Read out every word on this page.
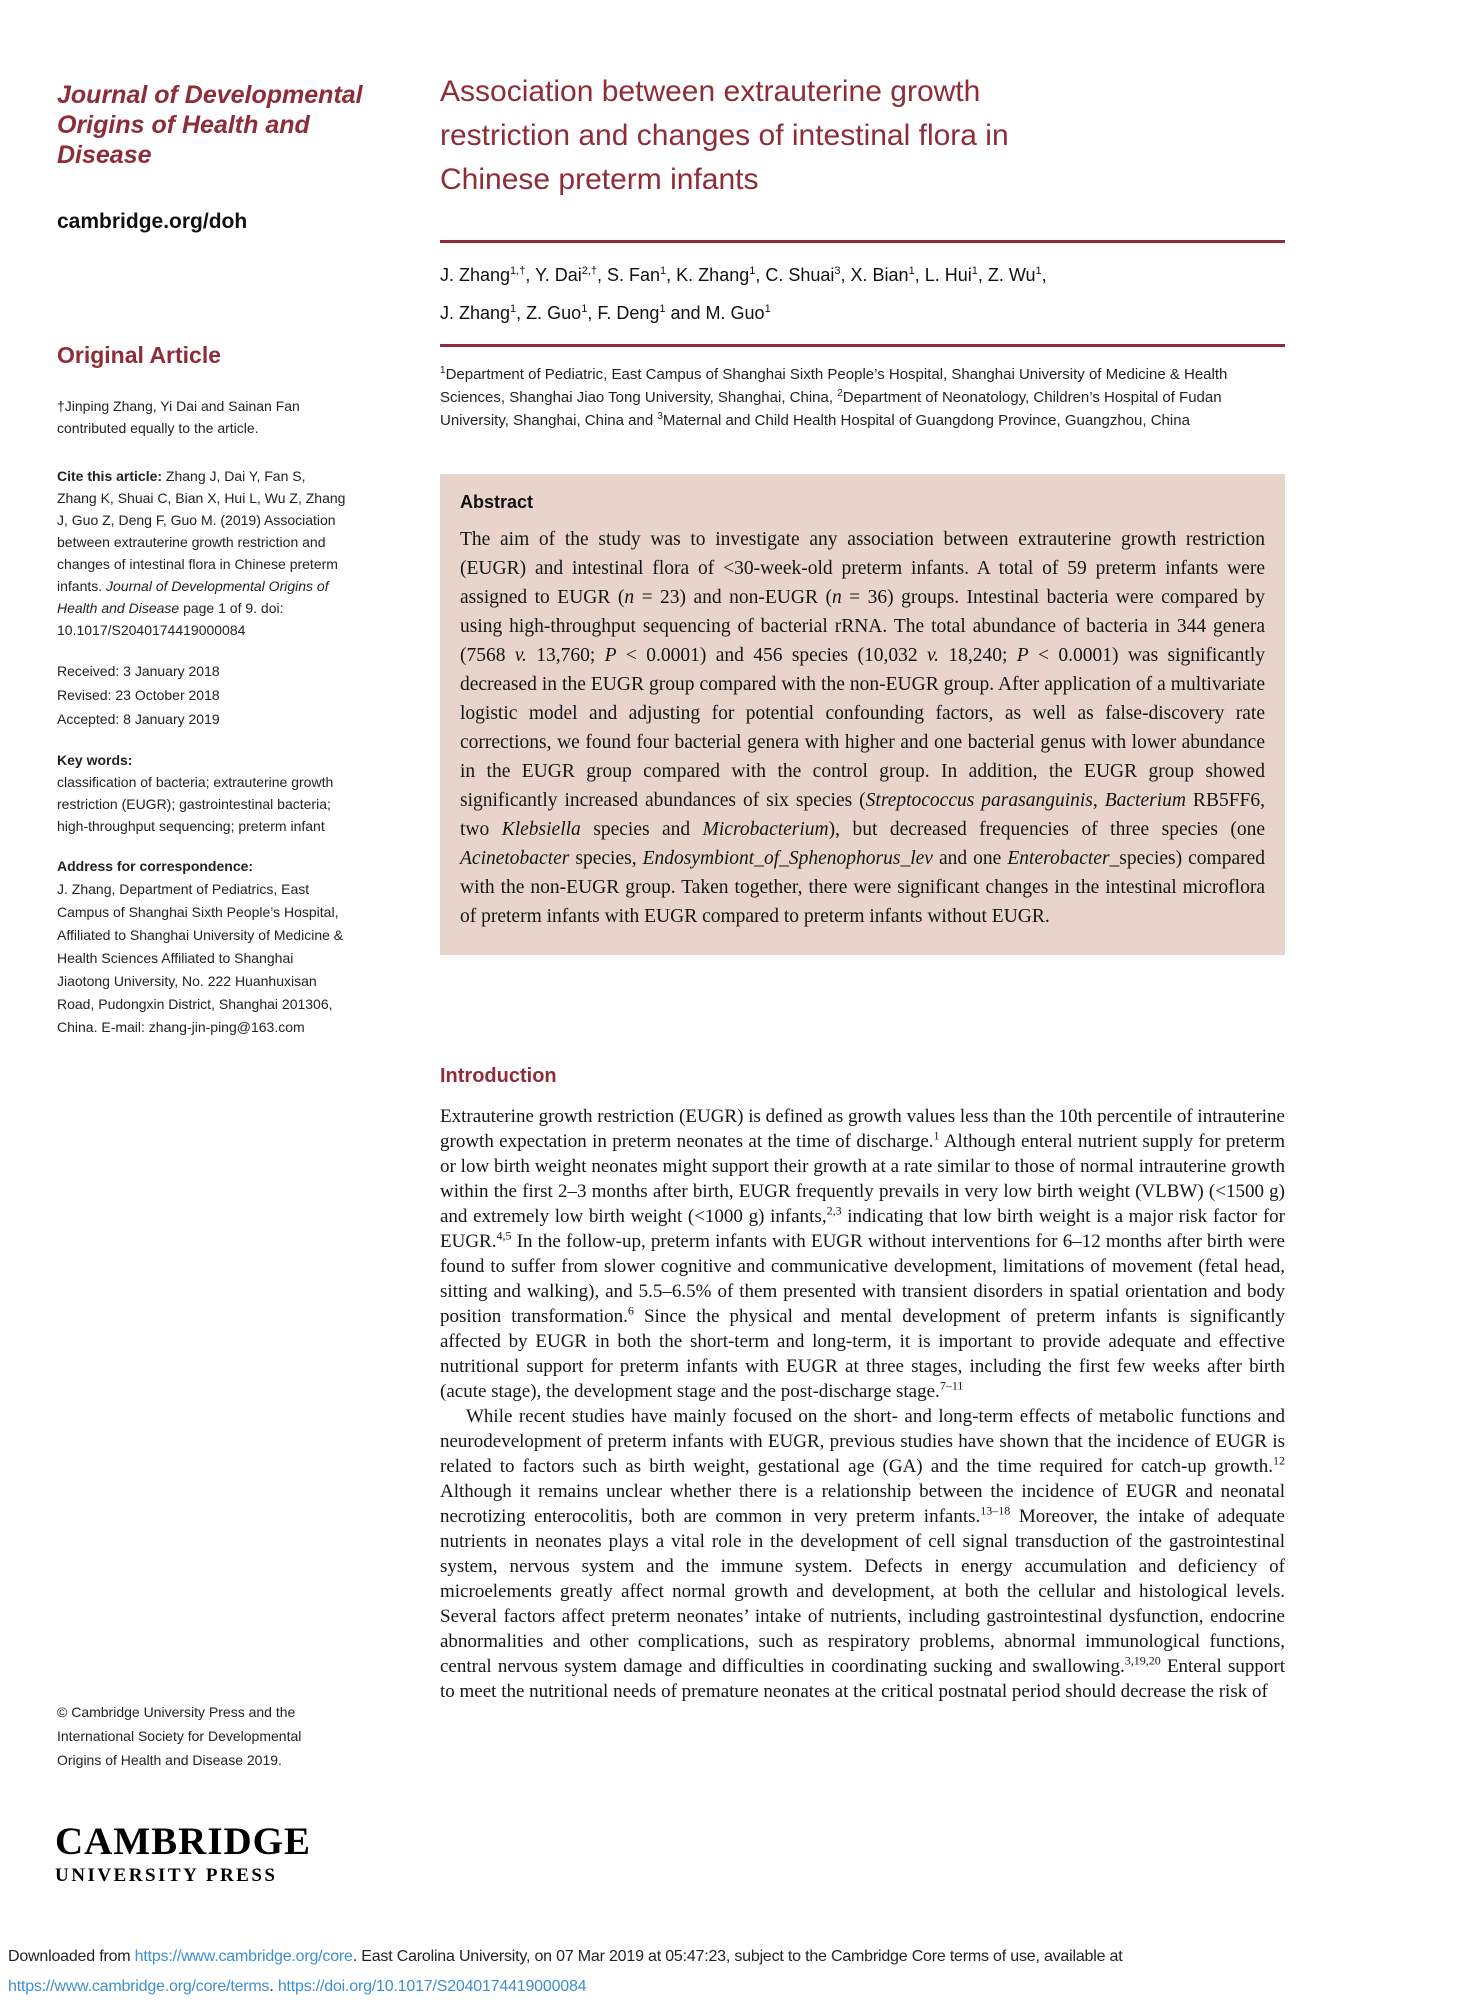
Journal of Developmental Origins of Health and Disease
cambridge.org/doh
Original Article
†Jinping Zhang, Yi Dai and Sainan Fan contributed equally to the article.
Cite this article: Zhang J, Dai Y, Fan S, Zhang K, Shuai C, Bian X, Hui L, Wu Z, Zhang J, Guo Z, Deng F, Guo M. (2019) Association between extrauterine growth restriction and changes of intestinal flora in Chinese preterm infants. Journal of Developmental Origins of Health and Disease page 1 of 9. doi: 10.1017/S2040174419000084
Received: 3 January 2018
Revised: 23 October 2018
Accepted: 8 January 2019
Key words:
classification of bacteria; extrauterine growth restriction (EUGR); gastrointestinal bacteria; high-throughput sequencing; preterm infant
Address for correspondence:
J. Zhang, Department of Pediatrics, East Campus of Shanghai Sixth People’s Hospital, Affiliated to Shanghai University of Medicine & Health Sciences Affiliated to Shanghai Jiaotong University, No. 222 Huanhuxisan Road, Pudongxin District, Shanghai 201306, China. E-mail: zhang-jin-ping@163.com
© Cambridge University Press and the International Society for Developmental Origins of Health and Disease 2019.
CAMBRIDGE
UNIVERSITY PRESS
Association between extrauterine growth
restriction and changes of intestinal flora in
Chinese preterm infants
J. Zhang$^{1,\dagger}$, Y. Dai$^{2,\dagger}$, S. Fan$^1$, K. Zhang$^1$, C. Shuai$^3$, X. Bian$^1$, L. Hui$^1$, Z. Wu$^1$,
J. Zhang$^1$, Z. Guo$^1$, F. Deng$^1$ and M. Guo$^1$
$^1$Department of Pediatric, East Campus of Shanghai Sixth People’s Hospital, Shanghai University of Medicine & Health Sciences, Shanghai Jiao Tong University, Shanghai, China, $^2$Department of Neonatology, Children’s Hospital of Fudan University, Shanghai, China and $^3$Maternal and Child Health Hospital of Guangdong Province, Guangzhou, China
Abstract
The aim of the study was to investigate any association between extrauterine growth restriction (EUGR) and intestinal flora of <30-week-old preterm infants. A total of 59 preterm infants were assigned to EUGR (n = 23) and non-EUGR (n = 36) groups. Intestinal bacteria were compared by using high-throughput sequencing of bacterial rRNA. The total abundance of bacteria in 344 genera (7568 v. 13,760; P < 0.0001) and 456 species (10,032 v. 18,240; P < 0.0001) was significantly decreased in the EUGR group compared with the non-EUGR group. After application of a multivariate logistic model and adjusting for potential confounding factors, as well as false-discovery rate corrections, we found four bacterial genera with higher and one bacterial genus with lower abundance in the EUGR group compared with the control group. In addition, the EUGR group showed significantly increased abundances of six species (Streptococcus parasanguinis, Bacterium RB5FF6, two Klebsiella species and Microbacterium), but decreased frequencies of three species (one Acinetobacter species, Endosymbiont_of_Sphenophorus_lev and one Enterobacter_species) compared with the non-EUGR group. Taken together, there were significant changes in the intestinal microflora of preterm infants with EUGR compared to preterm infants without EUGR.
Introduction
Extrauterine growth restriction (EUGR) is defined as growth values less than the 10th percentile of intrauterine growth expectation in preterm neonates at the time of discharge.$^1$ Although enteral nutrient supply for preterm or low birth weight neonates might support their growth at a rate similar to those of normal intrauterine growth within the first 2–3 months after birth, EUGR frequently prevails in very low birth weight (VLBW) (<1500 g) and extremely low birth weight (<1000 g) infants,$^{2,3}$ indicating that low birth weight is a major risk factor for EUGR.$^{4,5}$ In the follow-up, preterm infants with EUGR without interventions for 6–12 months after birth were found to suffer from slower cognitive and communicative development, limitations of movement (fetal head, sitting and walking), and 5.5–6.5% of them presented with transient disorders in spatial orientation and body position transformation.$^6$ Since the physical and mental development of preterm infants is significantly affected by EUGR in both the short-term and long-term, it is important to provide adequate and effective nutritional support for preterm infants with EUGR at three stages, including the first few weeks after birth (acute stage), the development stage and the post-discharge stage.$^{7-11}$
While recent studies have mainly focused on the short- and long-term effects of metabolic functions and neurodevelopment of preterm infants with EUGR, previous studies have shown that the incidence of EUGR is related to factors such as birth weight, gestational age (GA) and the time required for catch-up growth.$^{12}$ Although it remains unclear whether there is a relationship between the incidence of EUGR and neonatal necrotizing enterocolitis, both are common in very preterm infants.$^{13-18}$ Moreover, the intake of adequate nutrients in neonates plays a vital role in the development of cell signal transduction of the gastrointestinal system, nervous system and the immune system. Defects in energy accumulation and deficiency of microelements greatly affect normal growth and development, at both the cellular and histological levels. Several factors affect preterm neonates’ intake of nutrients, including gastrointestinal dysfunction, endocrine abnormalities and other complications, such as respiratory problems, abnormal immunological functions, central nervous system damage and difficulties in coordinating sucking and swallowing.$^{3,19,20}$ Enteral support to meet the nutritional needs of premature neonates at the critical postnatal period should decrease the risk of
Downloaded from https://www.cambridge.org/core. East Carolina University, on 07 Mar 2019 at 05:47:23, subject to the Cambridge Core terms of use, available at
https://www.cambridge.org/core/terms. https://doi.org/10.1017/S2040174419000084
